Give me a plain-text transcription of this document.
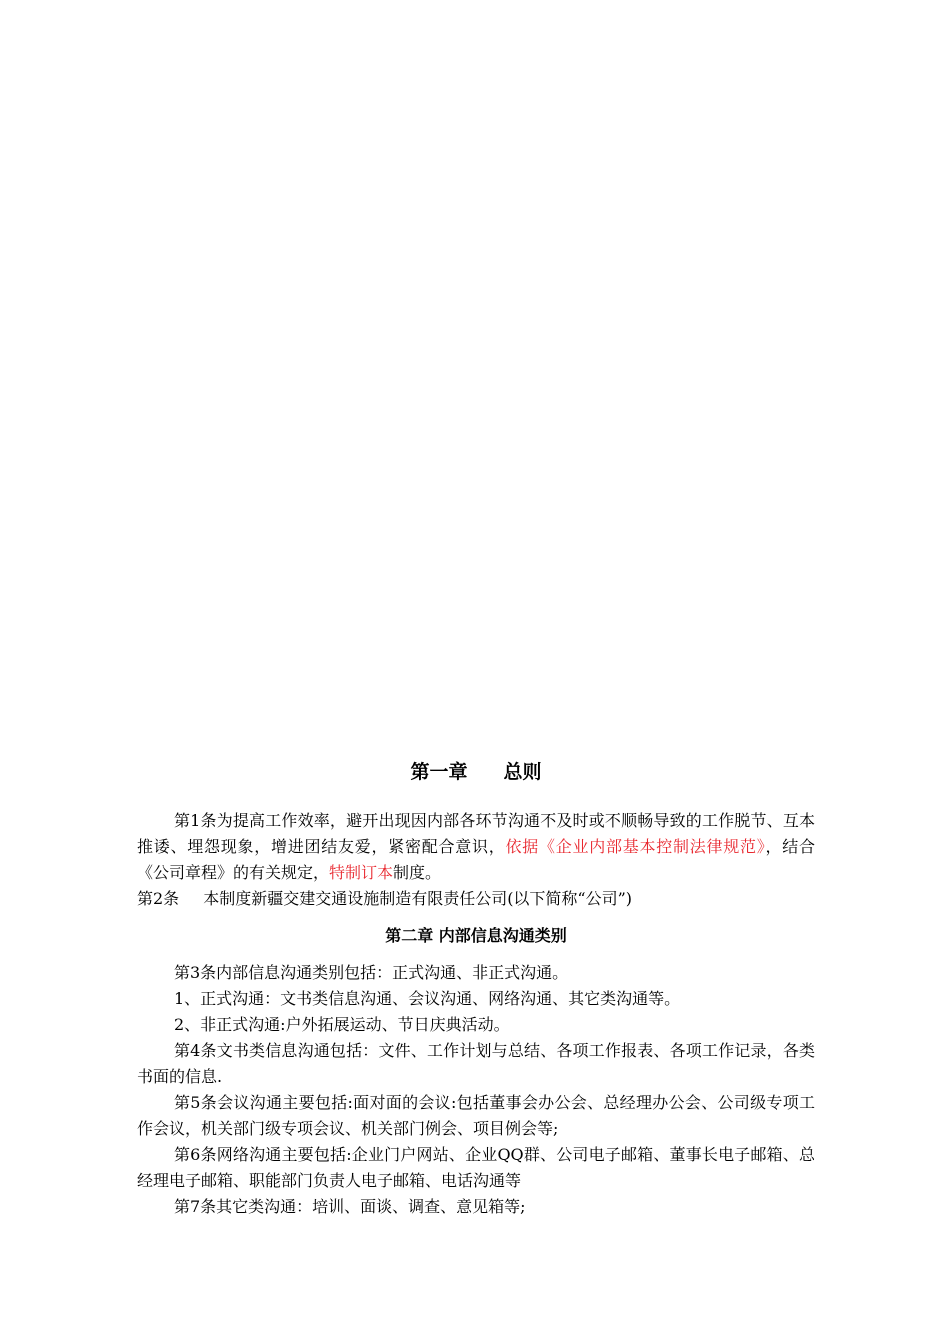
第一章 总则

第1条为提高工作效率，避开出现因内部各环节沟通不及时或不顺畅导致的工作脱节、互本推诿、埋怨现象，增进团结友爱，紧密配合意识，依据《企业内部基本控制法律规范》，结合《公司章程》的有关规定，特制订本制度。

第2条 本制度新疆交建交通设施制造有限责任公司(以下简称“公司”)

第二章 内部信息沟通类别

第3条内部信息沟通类别包括：正式沟通、非正式沟通。

1、正式沟通：文书类信息沟通、会议沟通、网络沟通、其它类沟通等。

2、非正式沟通:户外拓展运动、节日庆典活动。

第4条文书类信息沟通包括：文件、工作计划与总结、各项工作报表、各项工作记录，各类书面的信息.

第5条会议沟通主要包括:面对面的会议:包括董事会办公会、总经理办公会、公司级专项工作会议，机关部门级专项会议、机关部门例会、项目例会等;

第6条网络沟通主要包括:企业门户网站、企业QQ群、公司电子邮箱、董事长电子邮箱、总经理电子邮箱、职能部门负责人电子邮箱、电话沟通等

第7条其它类沟通：培训、面谈、调查、意见箱等;
